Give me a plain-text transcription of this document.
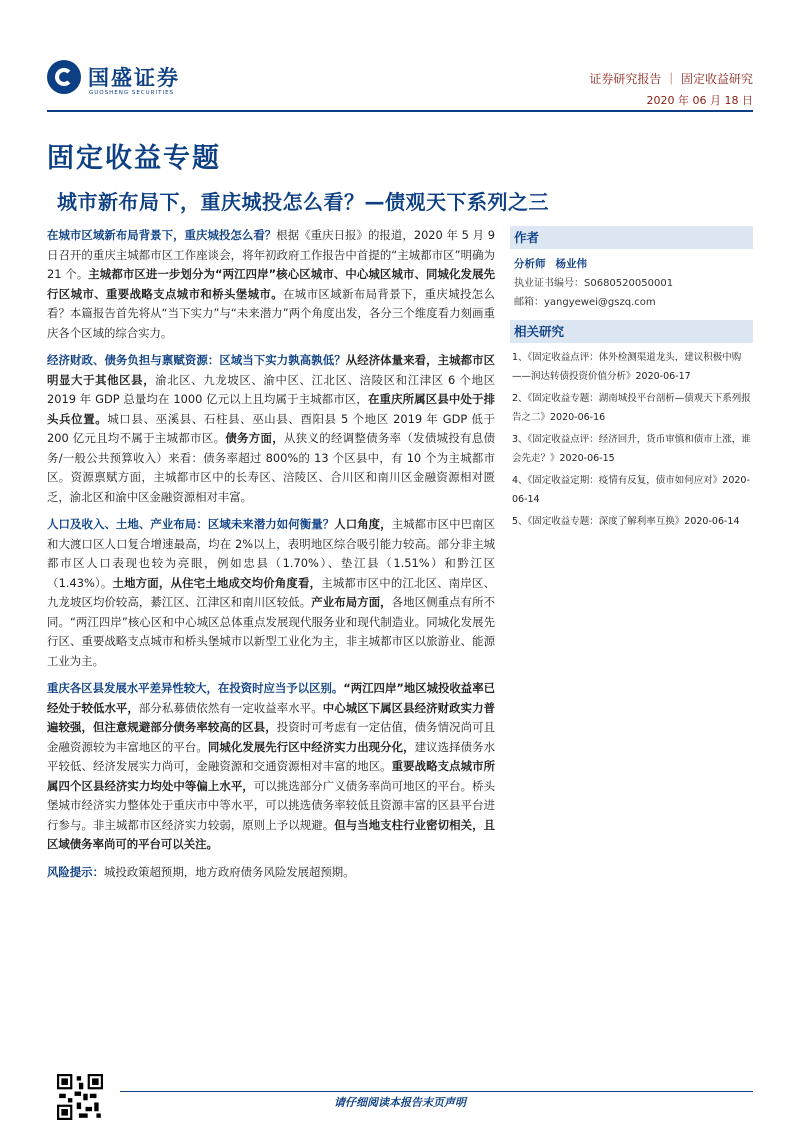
国盛证券
GUOSHENG SECURITIES
证券研究报告 ｜ 固定收益研究
2020 年 06 月 18 日
固定收益专题
城市新布局下，重庆城投怎么看？—债观天下系列之三

在城市区域新布局背景下，重庆城投怎么看？根据《重庆日报》的报道，2020 年 5 月 9 日召开的重庆主城都市区工作座谈会，将年初政府工作报告中首提的“主城都市区”明确为 21 个。主城都市区进一步划分为“两江四岸”核心区城市、中心城区城市、同城化发展先行区城市、重要战略支点城市和桥头堡城市。在城市区域新布局背景下，重庆城投怎么看？本篇报告首先将从“当下实力”与“未来潜力”两个角度出发，各分三个维度看力刻画重庆各个区域的综合实力。

经济财政、债务负担与禀赋资源：区域当下实力孰高孰低？从经济体量来看，主城都市区明显大于其他区县，渝北区、九龙坡区、渝中区、江北区、涪陵区和江津区 6 个地区 2019 年 GDP 总量均在 1000 亿元以上且均属于主城都市区，在重庆所属区县中处于排头兵位置。城口县、巫溪县、石柱县、巫山县、酉阳县 5 个地区 2019 年 GDP 低于 200 亿元且均不属于主城都市区。债务方面，从狭义的经调整债务率（发债城投有息债务/一般公共预算收入）来看：债务率超过 800%的 13 个区县中，有 10 个为主城都市区。资源禀赋方面，主城都市区中的长寿区、涪陵区、合川区和南川区金融资源相对匮乏，渝北区和渝中区金融资源相对丰富。

人口及收入、土地、产业布局：区域未来潜力如何衡量？人口角度，主城都市区中巴南区和大渡口区人口复合增速最高，均在 2%以上，表明地区综合吸引能力较高。部分非主城都市区人口表现也较为亮眼，例如忠县（1.70%）、垫江县（1.51%）和黔江区（1.43%）。土地方面，从住宅土地成交均价角度看，主城都市区中的江北区、南岸区、九龙坡区均价较高，綦江区、江津区和南川区较低。产业布局方面，各地区侧重点有所不同。“两江四岸”核心区和中心城区总体重点发展现代服务业和现代制造业。同城化发展先行区、重要战略支点城市和桥头堡城市以新型工业化为主，非主城都市区以旅游业、能源工业为主。

重庆各区县发展水平差异性较大，在投资时应当予以区别。“两江四岸”地区城投收益率已经处于较低水平，部分私募债依然有一定收益率水平。中心城区下属区县经济财政实力普遍较强，但注意规避部分债务率较高的区县，投资时可考虑有一定估值，债务情况尚可且金融资源较为丰富地区的平台。同城化发展先行区中经济实力出现分化，建议选择债务水平较低、经济发展实力尚可，金融资源和交通资源相对丰富的地区。重要战略支点城市所属四个区县经济实力均处中等偏上水平，可以挑选部分广义债务率尚可地区的平台。桥头堡城市经济实力整体处于重庆市中等水平，可以挑选债务率较低且资源丰富的区县平台进行参与。非主城都市区经济实力较弱，原则上予以规避。但与当地支柱行业密切相关，且区域债务率尚可的平台可以关注。

风险提示：城投政策超预期，地方政府债务风险发展超预期。

作者
分析师 杨业伟
执业证书编号：S0680520050001
邮箱：yangyewei@gszq.com
相关研究
1、《固定收益点评：体外检测渠道龙头，建议积极中购——润达转债投资价值分析》2020-06-17
2、《固定收益专题：湖南城投平台剖析—债观天下系列报告之二》2020-06-16
3、《固定收益点评：经济回升，货币审慎和债市上涨，谁会先走？》2020-06-15
4、《固定收益定期：疫情有反复，债市如何应对》2020-06-14
5、《固定收益专题：深度了解利率互换》2020-06-14
请仔细阅读本报告末页声明
